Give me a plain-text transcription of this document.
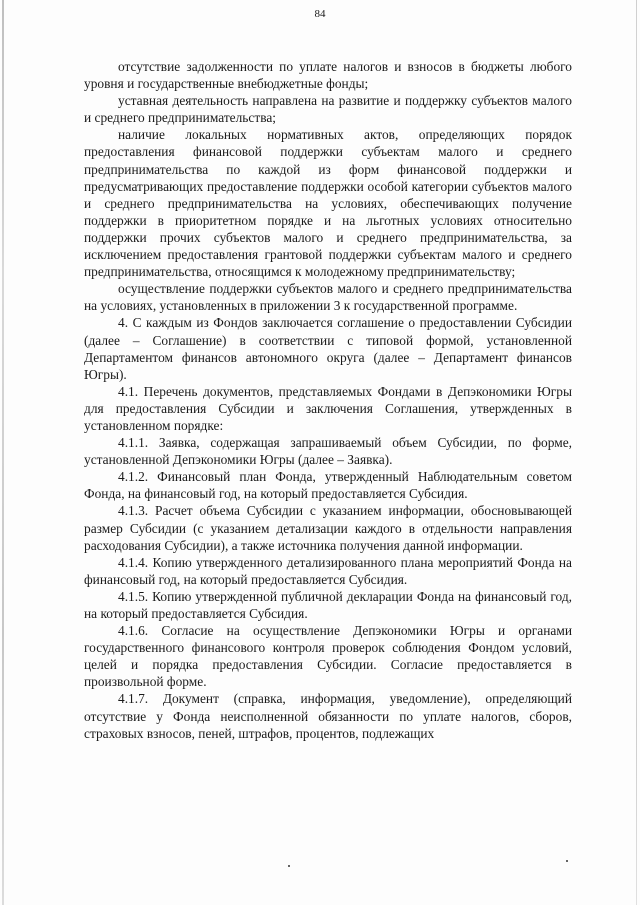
84

отсутствие задолженности по уплате налогов и взносов в бюджеты любого уровня и государственные внебюджетные фонды;

уставная деятельность направлена на развитие и поддержку субъектов малого и среднего предпринимательства;

наличие локальных нормативных актов, определяющих порядок предоставления финансовой поддержки субъектам малого и среднего предпринимательства по каждой из форм финансовой поддержки и предусматривающих предоставление поддержки особой категории субъектов малого и среднего предпринимательства на условиях, обеспечивающих получение поддержки в приоритетном порядке и на льготных условиях относительно поддержки прочих субъектов малого и среднего предпринимательства, за исключением предоставления грантовой поддержки субъектам малого и среднего предпринимательства, относящимся к молодежному предпринимательству;

осуществление поддержки субъектов малого и среднего предпринимательства на условиях, установленных в приложении 3 к государственной программе.

4. С каждым из Фондов заключается соглашение о предоставлении Субсидии (далее – Соглашение) в соответствии с типовой формой, установленной Департаментом финансов автономного округа (далее – Департамент финансов Югры).

4.1. Перечень документов, представляемых Фондами в Депэкономики Югры для предоставления Субсидии и заключения Соглашения, утвержденных в установленном порядке:

4.1.1. Заявка, содержащая запрашиваемый объем Субсидии, по форме, установленной Депэкономики Югры (далее – Заявка).

4.1.2. Финансовый план Фонда, утвержденный Наблюдательным советом Фонда, на финансовый год, на который предоставляется Субсидия.

4.1.3. Расчет объема Субсидии с указанием информации, обосновывающей размер Субсидии (с указанием детализации каждого в отдельности направления расходования Субсидии), а также источника получения данной информации.

4.1.4. Копию утвержденного детализированного плана мероприятий Фонда на финансовый год, на который предоставляется Субсидия.

4.1.5. Копию утвержденной публичной декларации Фонда на финансовый год, на который предоставляется Субсидия.

4.1.6. Согласие на осуществление Депэкономики Югры и органами государственного финансового контроля проверок соблюдения Фондом условий, целей и порядка предоставления Субсидии. Согласие предоставляется в произвольной форме.

4.1.7. Документ (справка, информация, уведомление), определяющий отсутствие у Фонда неисполненной обязанности по уплате налогов, сборов, страховых взносов, пеней, штрафов, процентов, подлежащих
